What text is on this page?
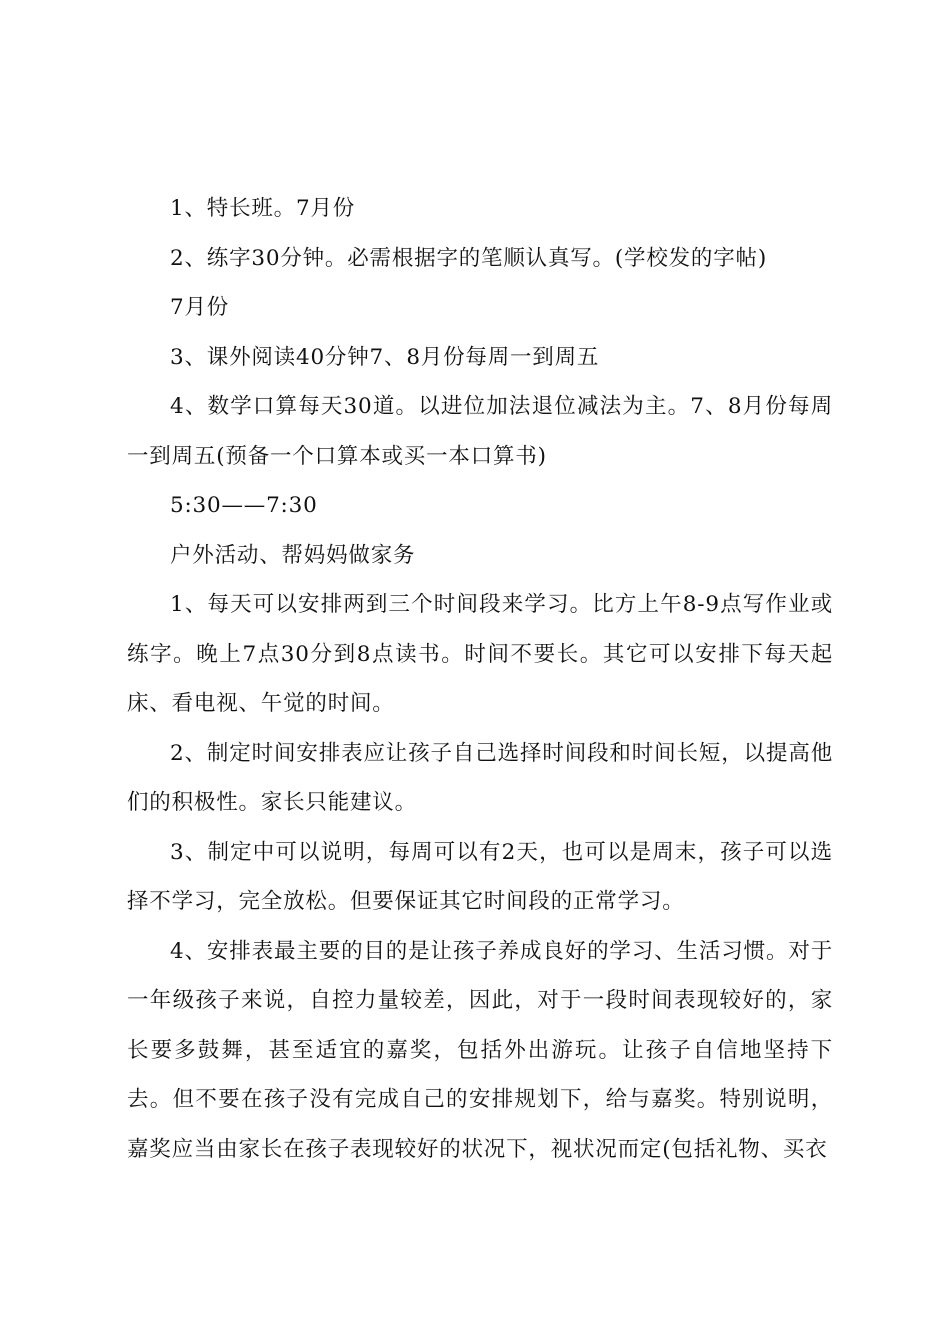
1、特长班。7月份

2、练字30分钟。必需根据字的笔顺认真写。(学校发的字帖)

7月份

3、课外阅读40分钟7、8月份每周一到周五

4、数学口算每天30道。以进位加法退位减法为主。7、8月份每周一到周五(预备一个口算本或买一本口算书)

5:30——7:30

户外活动、帮妈妈做家务

1、每天可以安排两到三个时间段来学习。比方上午8-9点写作业或练字。晚上7点30分到8点读书。时间不要长。其它可以安排下每天起床、看电视、午觉的时间。

2、制定时间安排表应让孩子自己选择时间段和时间长短，以提高他们的积极性。家长只能建议。

3、制定中可以说明，每周可以有2天，也可以是周末，孩子可以选择不学习，完全放松。但要保证其它时间段的正常学习。

4、安排表最主要的目的是让孩子养成良好的学习、生活习惯。对于一年级孩子来说，自控力量较差，因此，对于一段时间表现较好的，家长要多鼓舞，甚至适宜的嘉奖，包括外出游玩。让孩子自信地坚持下去。但不要在孩子没有完成自己的安排规划下，给与嘉奖。特别说明，嘉奖应当由家长在孩子表现较好的状况下，视状况而定(包括礼物、买衣
